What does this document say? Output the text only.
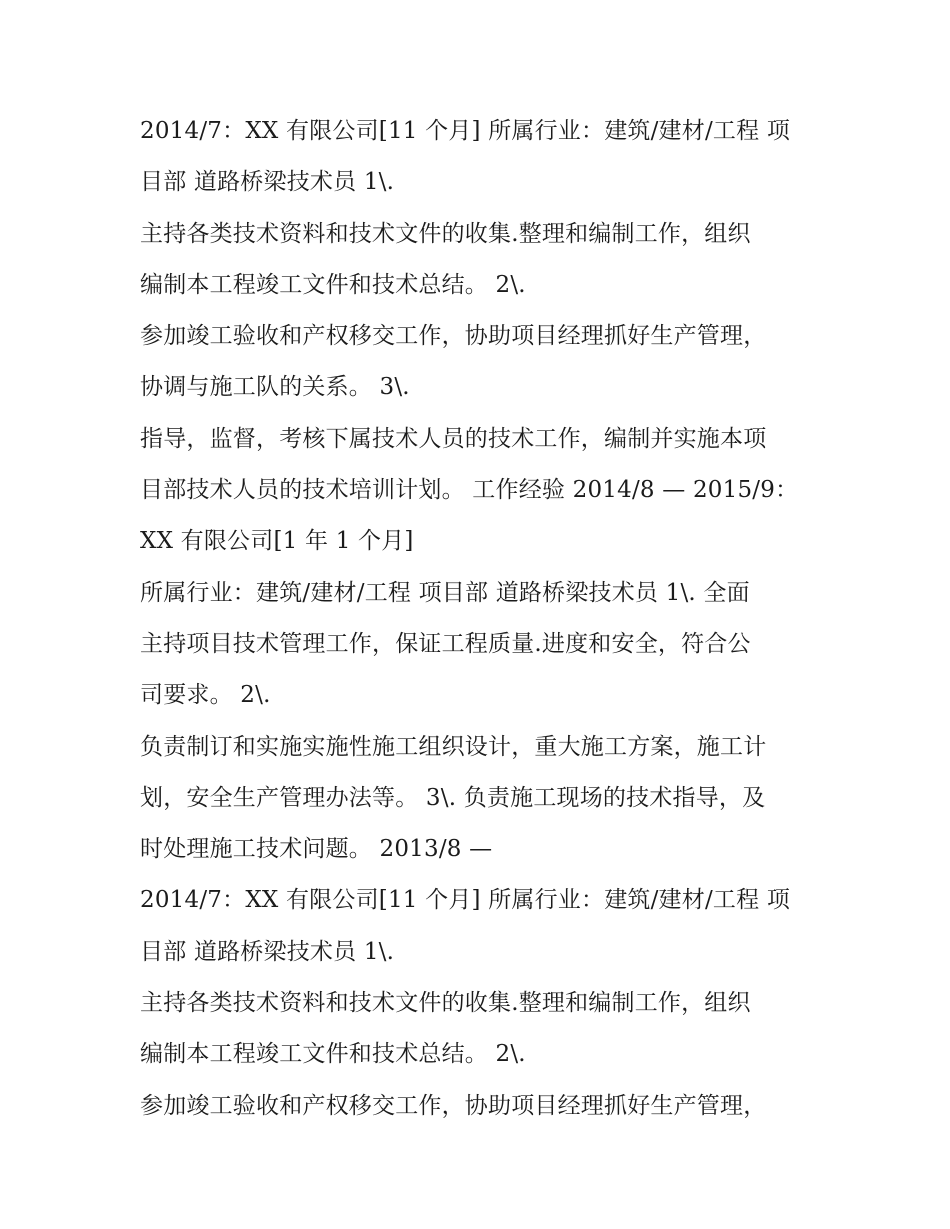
2014/7：XX 有限公司[11 个月] 所属行业：建筑/建材/工程 项
目部 道路桥梁技术员 1\.
主持各类技术资料和技术文件的收集.整理和编制工作，组织
编制本工程竣工文件和技术总结。 2\.
参加竣工验收和产权移交工作，协助项目经理抓好生产管理，
协调与施工队的关系。 3\.
指导，监督，考核下属技术人员的技术工作，编制并实施本项
目部技术人员的技术培训计划。 工作经验 2014/8 — 2015/9：
XX 有限公司[1 年 1 个月]
所属行业：建筑/建材/工程 项目部 道路桥梁技术员 1\. 全面
主持项目技术管理工作，保证工程质量.进度和安全，符合公
司要求。 2\.
负责制订和实施实施性施工组织设计，重大施工方案，施工计
划，安全生产管理办法等。 3\. 负责施工现场的技术指导，及
时处理施工技术问题。 2013/8 —
2014/7：XX 有限公司[11 个月] 所属行业：建筑/建材/工程 项
目部 道路桥梁技术员 1\.
主持各类技术资料和技术文件的收集.整理和编制工作，组织
编制本工程竣工文件和技术总结。 2\.
参加竣工验收和产权移交工作，协助项目经理抓好生产管理，
